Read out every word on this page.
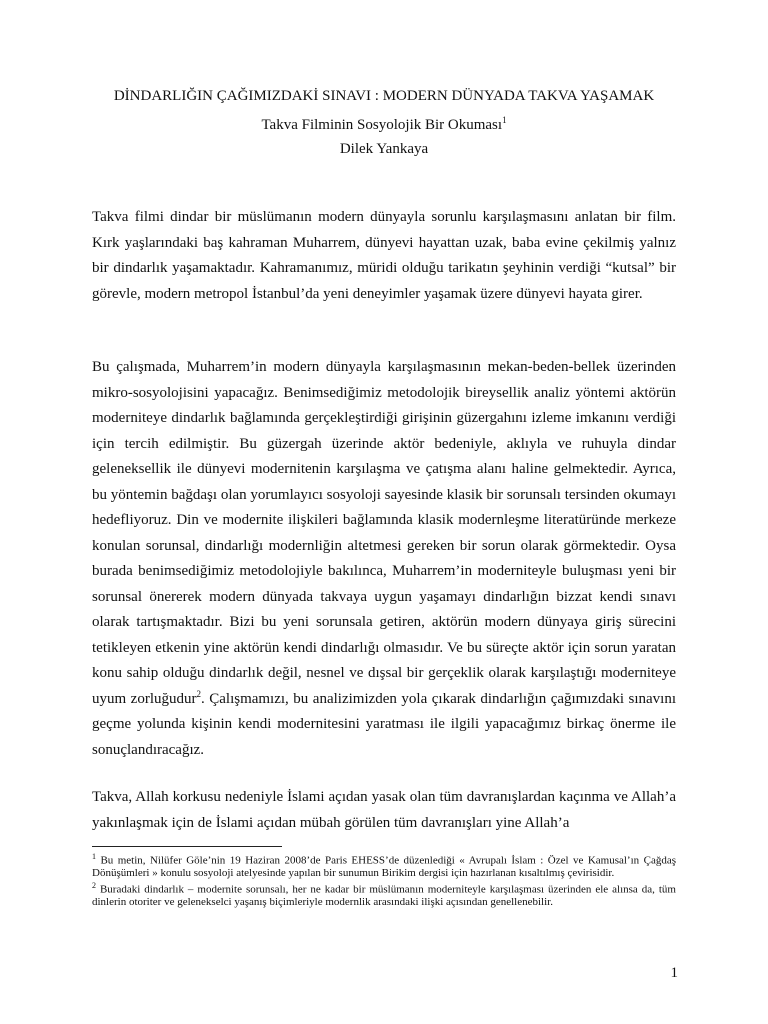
DİNDARLIĞIN ÇAĞIMIZDAKİ SINAVI : MODERN DÜNYADA TAKVA YAŞAMAK
Takva Filminin Sosyolojik Bir Okuması$^1$
Dilek Yankaya
Takva filmi dindar bir müslümanın modern dünyayla sorunlu karşılaşmasını anlatan bir film. Kırk yaşlarındaki baş kahraman Muharrem, dünyevi hayattan uzak, baba evine çekilmiş yalnız bir dindarlık yaşamaktadır. Kahramanımız, müridi olduğu tarikatın şeyhinin verdiği “kutsal” bir görevle, modern metropol İstanbul’da yeni deneyimler yaşamak üzere dünyevi hayata girer.
Bu çalışmada, Muharrem’in modern dünyayla karşılaşmasının mekan-beden-bellek üzerinden mikro-sosyolojisini yapacağız. Benimsediğimiz metodolojik bireysellik analiz yöntemi aktörün moderniteye dindarlık bağlamında gerçekleştirdiği girişinin güzergahını izleme imkanını verdiği için tercih edilmiştir. Bu güzergah üzerinde aktör bedeniyle, aklıyla ve ruhuyla dindar geleneksellik ile dünyevi modernitenin karşılaşma ve çatışma alanı haline gelmektedir. Ayrıca, bu yöntemin bağdaşı olan yorumlayıcı sosyoloji sayesinde klasik bir sorunsalı tersinden okumayı hedefliyoruz. Din ve modernite ilişkileri bağlamında klasik modernleşme literatüründe merkeze konulan sorunsal, dindarlığı modernliğin altetmesi gereken bir sorun olarak görmektedir. Oysa burada benimsediğimiz metodolojiyle bakılınca, Muharrem’in moderniteyle buluşması yeni bir sorunsal önererek modern dünyada takvaya uygun yaşamayı dindarlığın bizzat kendi sınavı olarak tartışmaktadır. Bizi bu yeni sorunsala getiren, aktörün modern dünyaya giriş sürecini tetikleyen etkenin yine aktörün kendi dindarlığı olmasıdır. Ve bu süreçte aktör için sorun yaratan konu sahip olduğu dindarlık değil, nesnel ve dışsal bir gerçeklik olarak karşılaştığı moderniteye uyum zorluğudur$^2$. Çalışmamızı, bu analizimizden yola çıkarak dindarlığın çağımızdaki sınavını geçme yolunda kişinin kendi modernitesini yaratması ile ilgili yapacağımız birkaç önerme ile sonuçlandıracağız.
Takva, Allah korkusu nedeniyle İslami açıdan yasak olan tüm davranışlardan kaçınma ve Allah’a yakınlaşmak için de İslami açıdan mübah görülen tüm davranışları yine Allah’a

$^1$ Bu metin, Nilüfer Göle’nin 19 Haziran 2008’de Paris EHESS’de düzenlediği « Avrupalı İslam : Özel ve Kamusal’ın Çağdaş Dönüşümleri » konulu sosyoloji atelyesinde yapılan bir sunumun Birikim dergisi için hazırlanan kısaltılmış çevirisidir.

$^2$ Buradaki dindarlık – modernite sorunsalı, her ne kadar bir müslümanın moderniteyle karşılaşması üzerinden ele alınsa da, tüm dinlerin otoriter ve gelenekselci yaşanış biçimleriyle modernlik arasındaki ilişki açısından genellenebilir.

1
